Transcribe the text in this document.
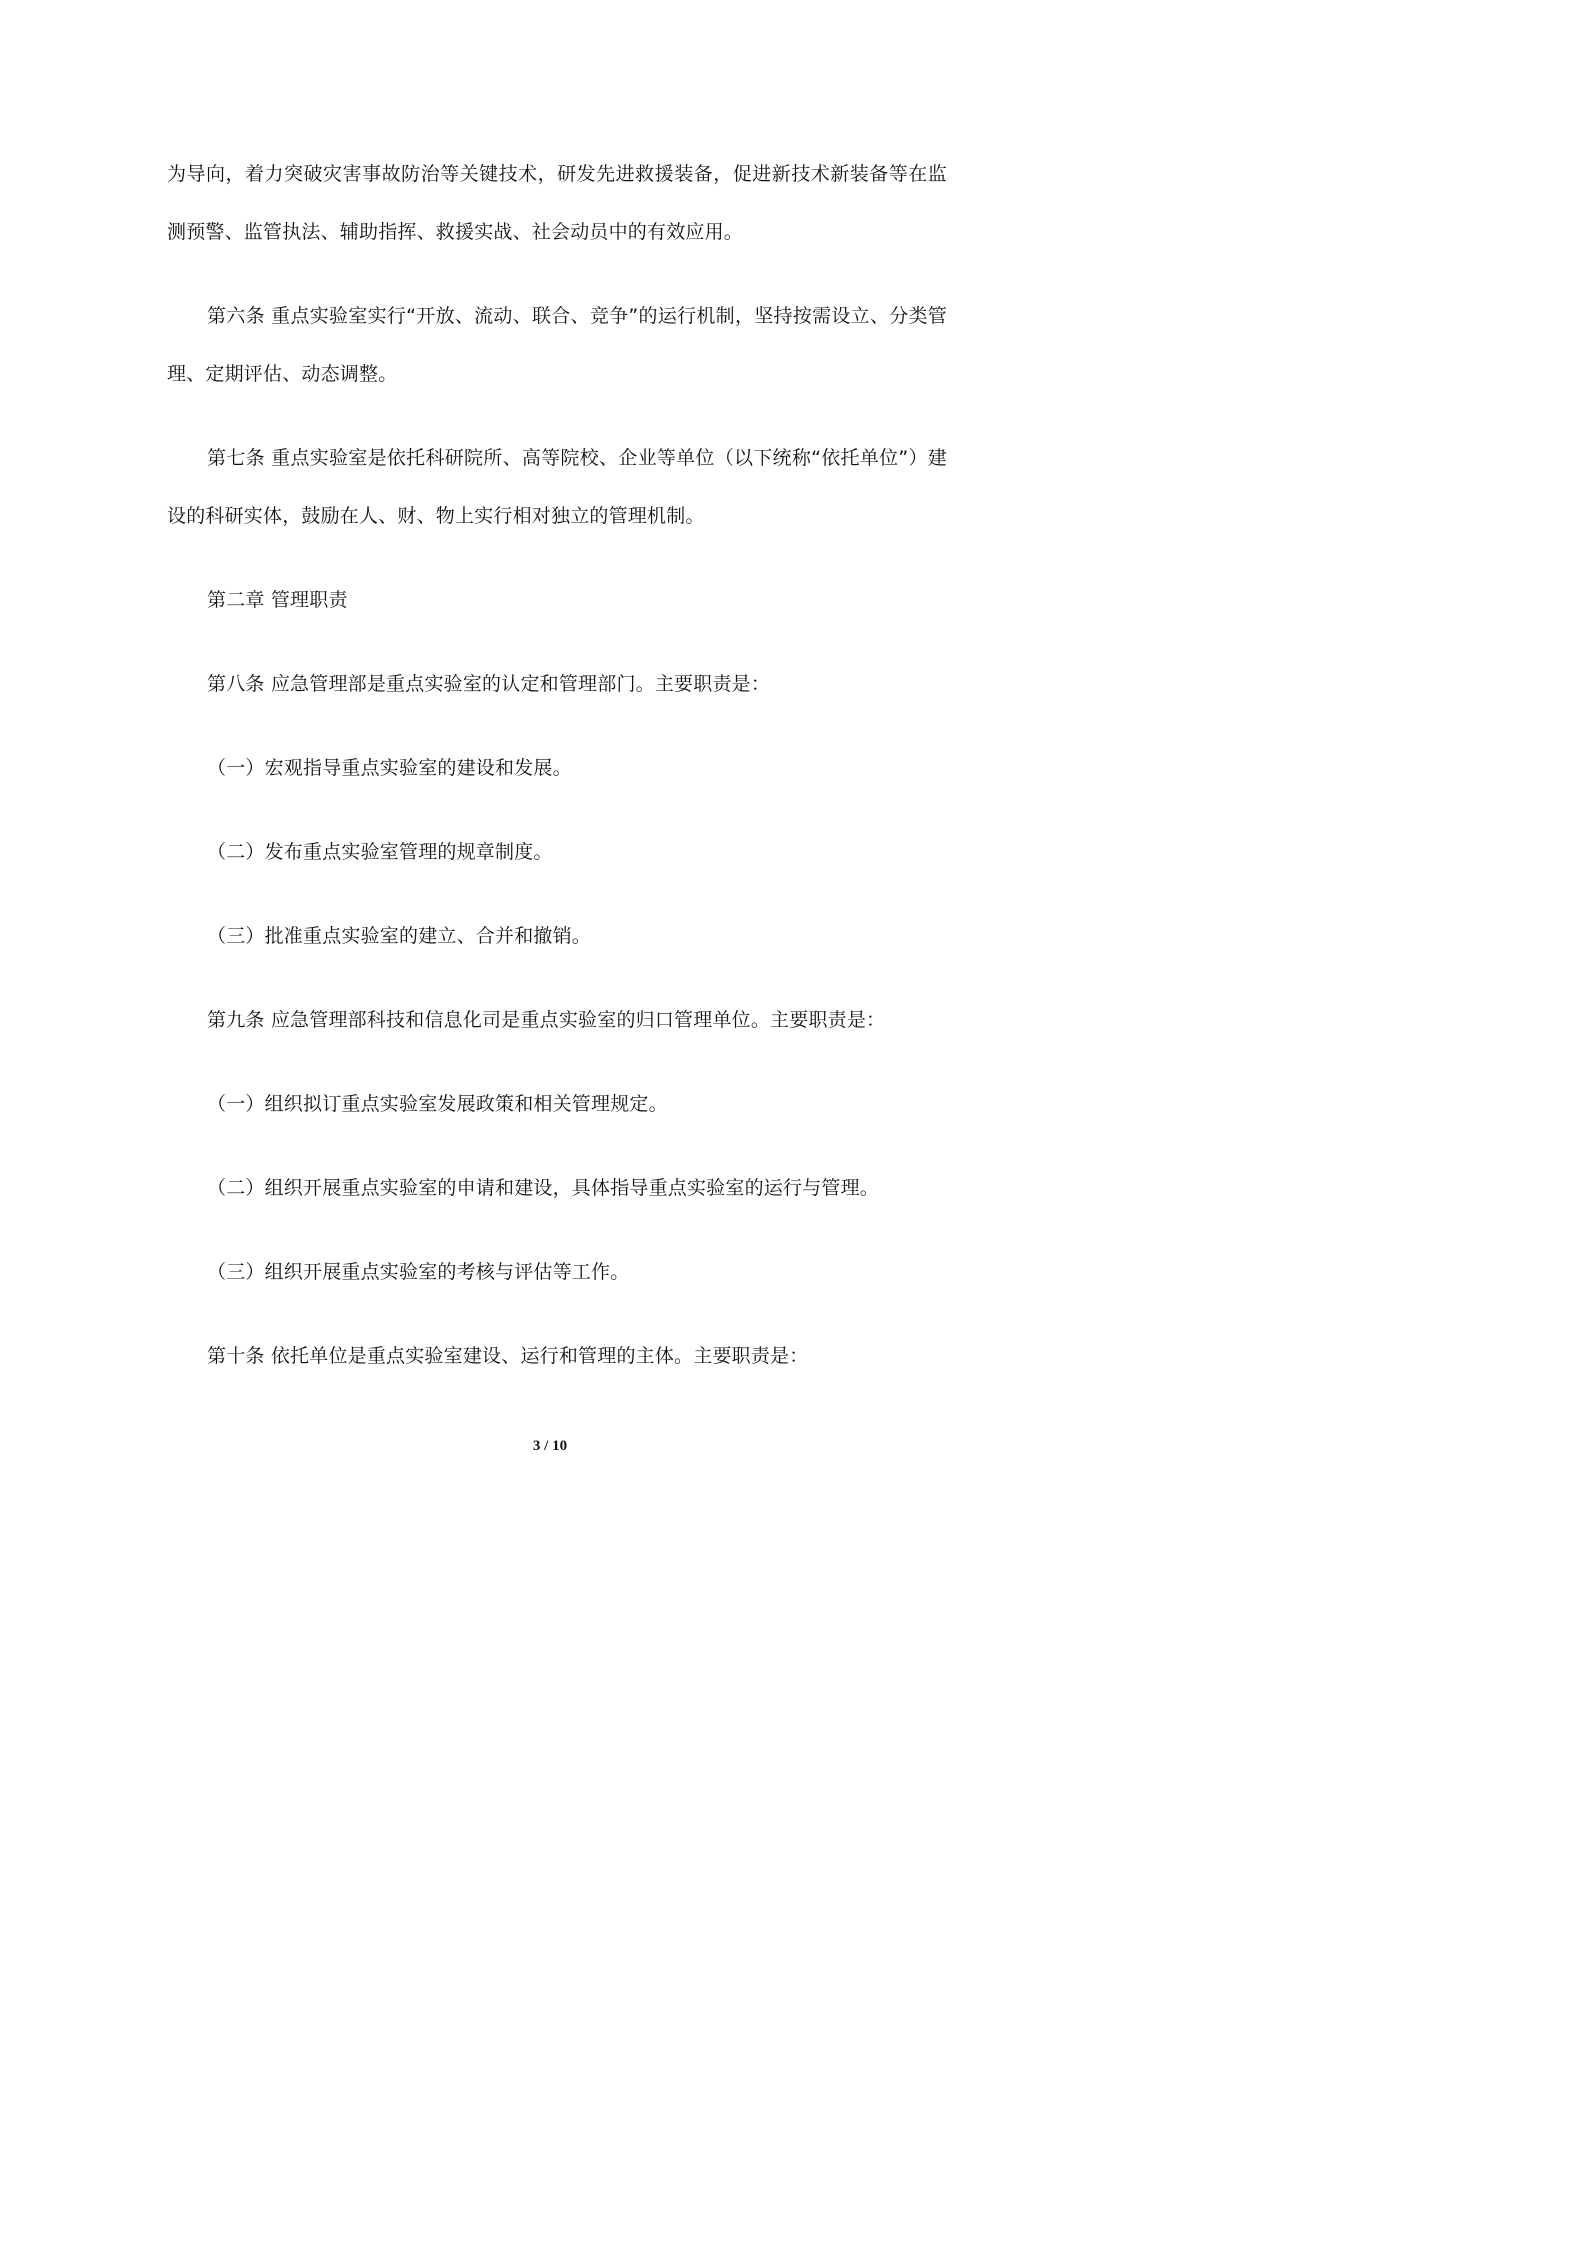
为导向，着力突破灾害事故防治等关键技术，研发先进救援装备，促进新技术新装备等在监测预警、监管执法、辅助指挥、救援实战、社会动员中的有效应用。

第六条 重点实验室实行“开放、流动、联合、竞争”的运行机制，坚持按需设立、分类管理、定期评估、动态调整。

第七条 重点实验室是依托科研院所、高等院校、企业等单位（以下统称“依托单位”）建设的科研实体，鼓励在人、财、物上实行相对独立的管理机制。

第二章 管理职责

第八条 应急管理部是重点实验室的认定和管理部门。主要职责是：

（一）宏观指导重点实验室的建设和发展。

（二）发布重点实验室管理的规章制度。

（三）批准重点实验室的建立、合并和撤销。

第九条 应急管理部科技和信息化司是重点实验室的归口管理单位。主要职责是：

（一）组织拟订重点实验室发展政策和相关管理规定。

（二）组织开展重点实验室的申请和建设，具体指导重点实验室的运行与管理。

（三）组织开展重点实验室的考核与评估等工作。

第十条 依托单位是重点实验室建设、运行和管理的主体。主要职责是：

3 / 10
